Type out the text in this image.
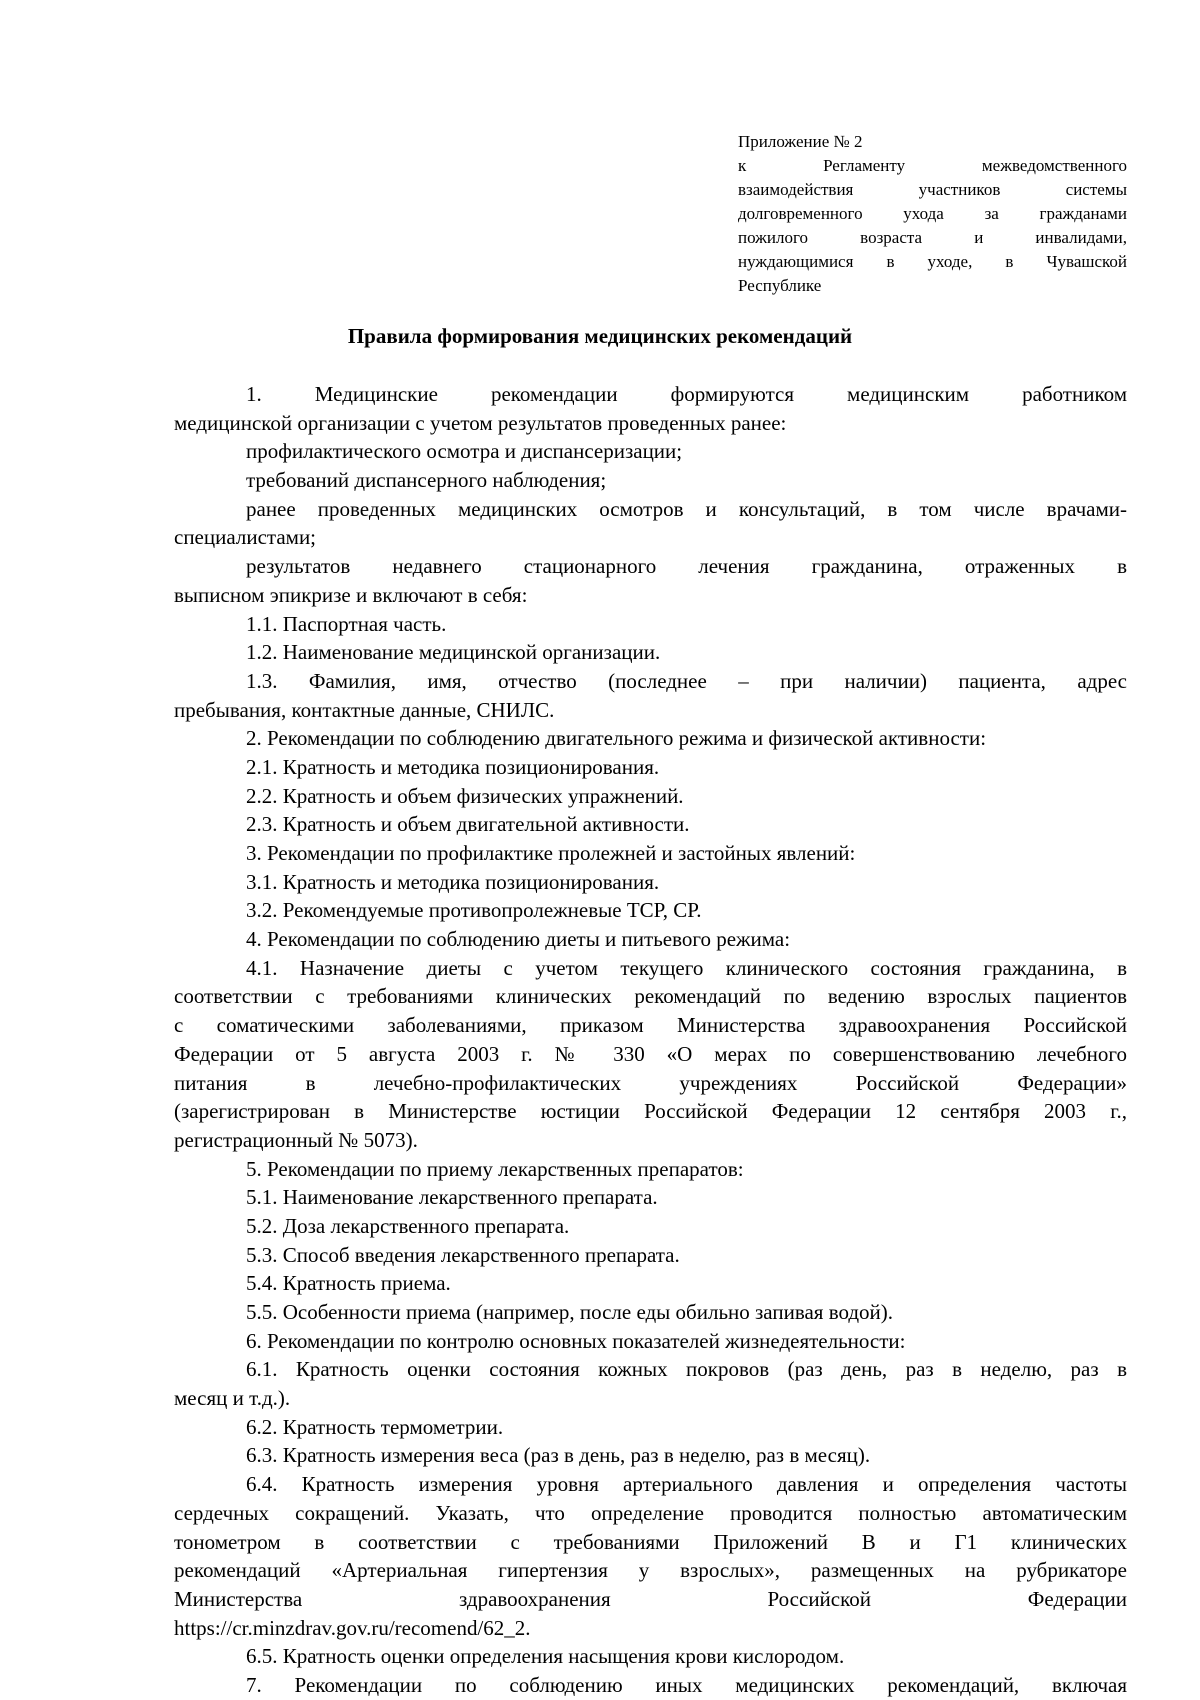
Приложение № 2
к Регламенту межведомственного
взаимодействия участников системы
долговременного ухода за гражданами
пожилого возраста и инвалидами,
нуждающимися в уходе, в Чувашской
Республике
Правила формирования медицинских рекомендаций
1. Медицинские рекомендации формируются медицинским работником
медицинской организации с учетом результатов проведенных ранее:
профилактического осмотра и диспансеризации;
требований диспансерного наблюдения;
ранее проведенных медицинских осмотров и консультаций, в том числе врачами-
специалистами;
результатов недавнего стационарного лечения гражданина, отраженных в
выписном эпикризе и включают в себя:
1.1. Паспортная часть.
1.2. Наименование медицинской организации.
1.3. Фамилия, имя, отчество (последнее – при наличии) пациента, адрес
пребывания, контактные данные, СНИЛС.
2. Рекомендации по соблюдению двигательного режима и физической активности:
2.1. Кратность и методика позиционирования.
2.2. Кратность и объем физических упражнений.
2.3. Кратность и объем двигательной активности.
3. Рекомендации по профилактике пролежней и застойных явлений:
3.1. Кратность и методика позиционирования.
3.2. Рекомендуемые противопролежневые ТСР, СР.
4. Рекомендации по соблюдению диеты и питьевого режима:
4.1. Назначение диеты с учетом текущего клинического состояния гражданина, в
соответствии с требованиями клинических рекомендаций по ведению взрослых пациентов
с соматическими заболеваниями, приказом Министерства здравоохранения Российской
Федерации от 5 августа 2003 г. № 330 «О мерах по совершенствованию лечебного
питания в лечебно-профилактических учреждениях Российской Федерации»
(зарегистрирован в Министерстве юстиции Российской Федерации 12 сентября 2003 г.,
регистрационный № 5073).
5. Рекомендации по приему лекарственных препаратов:
5.1. Наименование лекарственного препарата.
5.2. Доза лекарственного препарата.
5.3. Способ введения лекарственного препарата.
5.4. Кратность приема.
5.5. Особенности приема (например, после еды обильно запивая водой).
6. Рекомендации по контролю основных показателей жизнедеятельности:
6.1. Кратность оценки состояния кожных покровов (раз день, раз в неделю, раз в
месяц и т.д.).
6.2. Кратность термометрии.
6.3. Кратность измерения веса (раз в день, раз в неделю, раз в месяц).
6.4. Кратность измерения уровня артериального давления и определения частоты
сердечных сокращений. Указать, что определение проводится полностью автоматическим
тонометром в соответствии с требованиями Приложений В и Г1 клинических
рекомендаций «Артериальная гипертензия у взрослых», размещенных на рубрикаторе
Министерства здравоохранения Российской Федерации
https://cr.minzdrav.gov.ru/recomend/62_2.
6.5. Кратность оценки определения насыщения крови кислородом.
7. Рекомендации по соблюдению иных медицинских рекомендаций, включая
